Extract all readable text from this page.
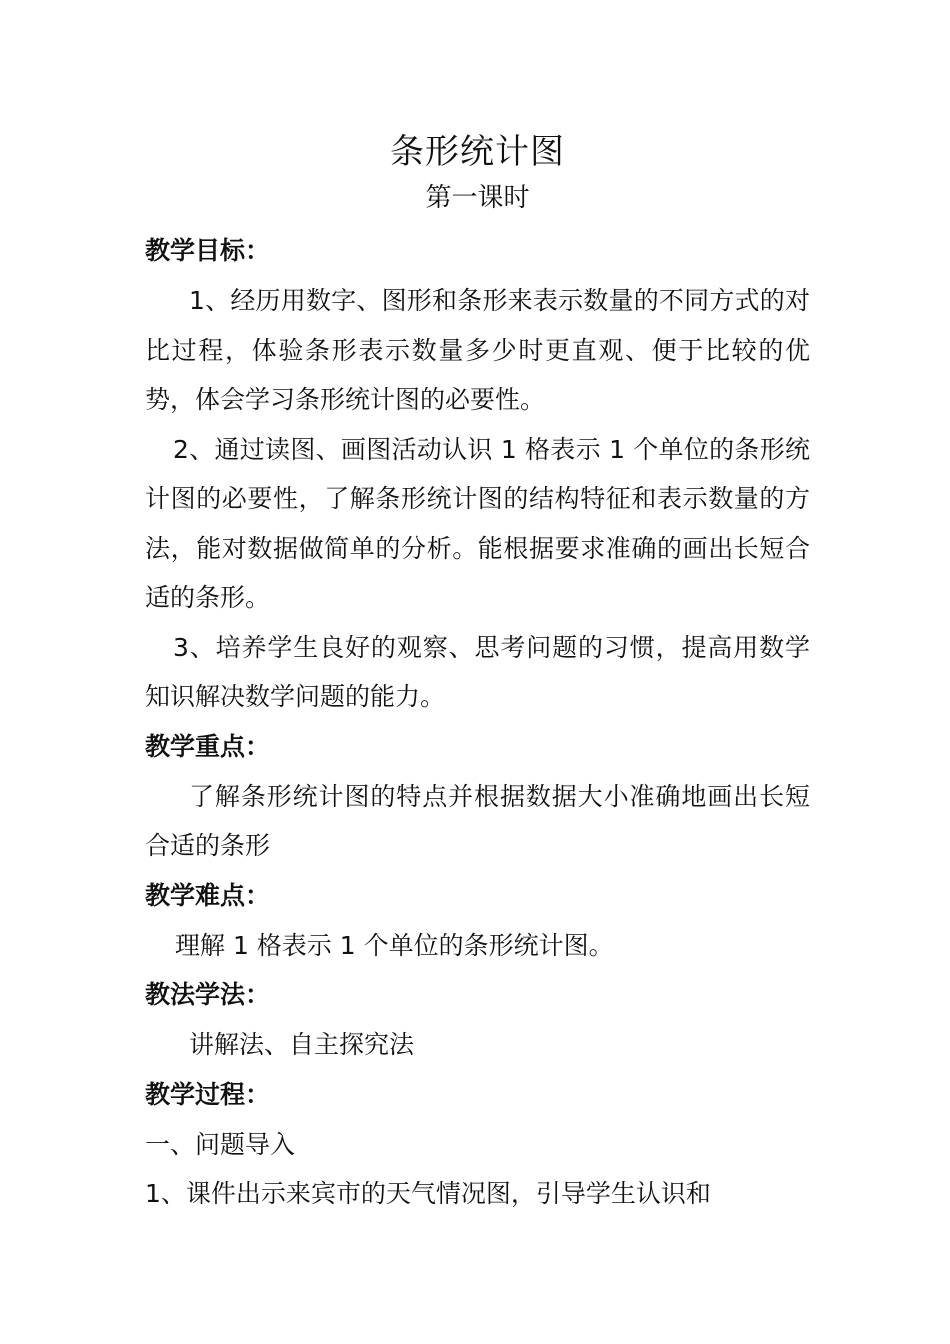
条形统计图

第一课时

教学目标：

1、经历用数字、图形和条形来表示数量的不同方式的对比过程，体验条形表示数量多少时更直观、便于比较的优势，体会学习条形统计图的必要性。

2、通过读图、画图活动认识 1 格表示 1 个单位的条形统计图的必要性，了解条形统计图的结构特征和表示数量的方法，能对数据做简单的分析。能根据要求准确的画出长短合适的条形。

3、培养学生良好的观察、思考问题的习惯，提高用数学知识解决数学问题的能力。

教学重点：

了解条形统计图的特点并根据数据大小准确地画出长短合适的条形

教学难点：

理解 1 格表示 1 个单位的条形统计图。

教法学法：

讲解法、自主探究法

教学过程：

一、问题导入

1、课件出示来宾市的天气情况图，引导学生认识和
